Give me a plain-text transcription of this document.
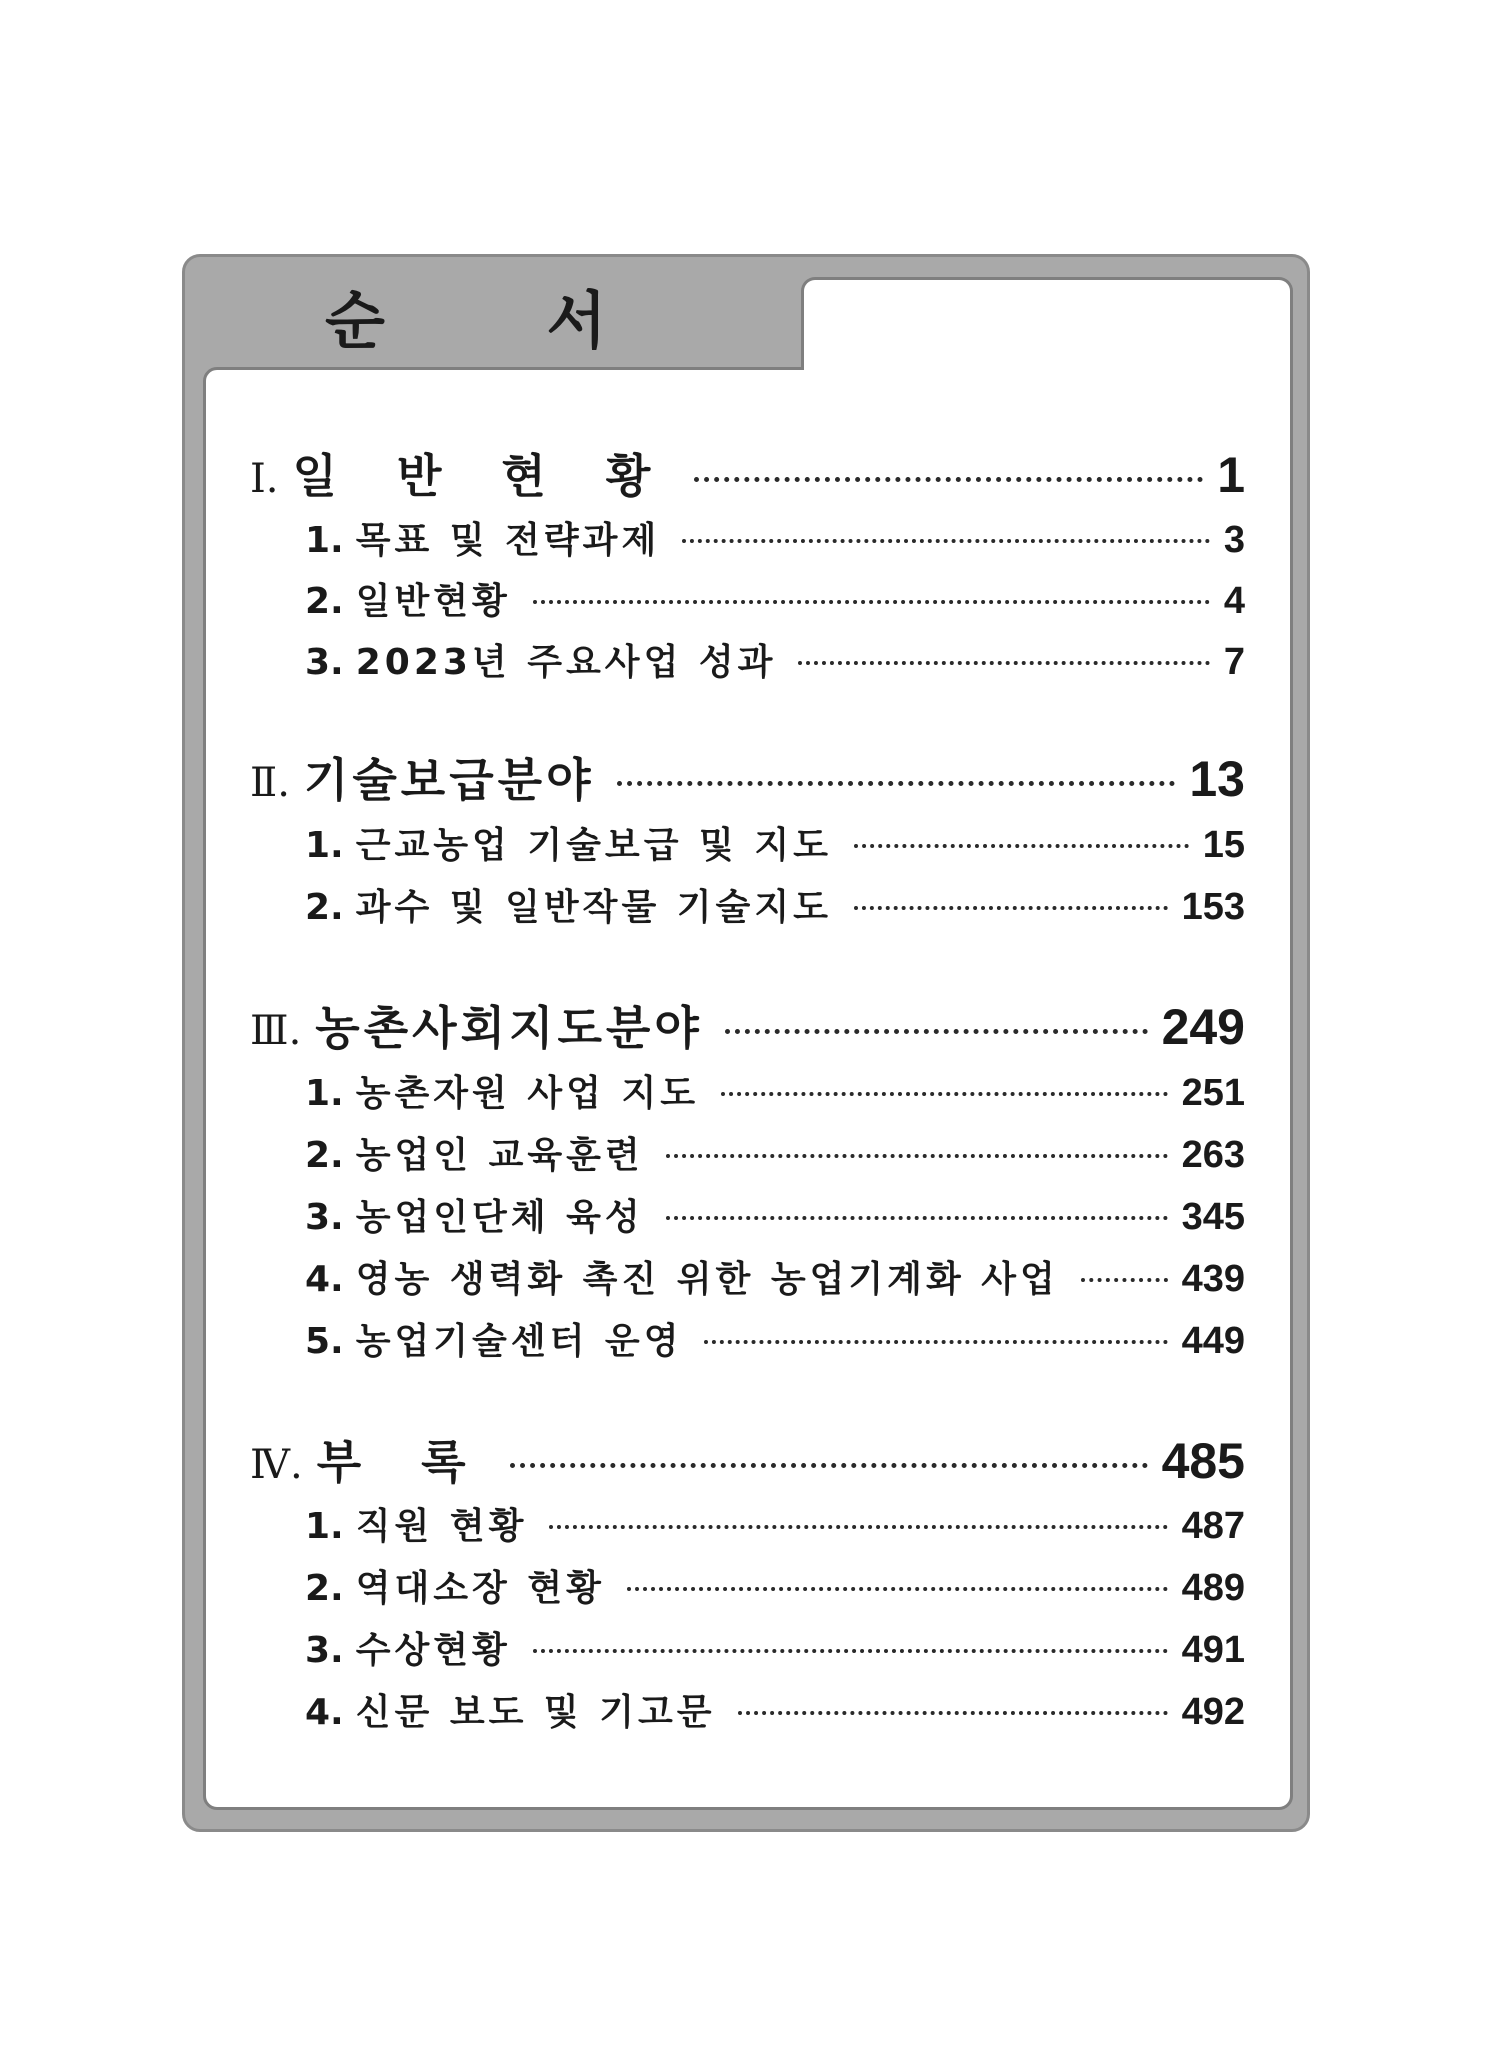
순 서
Ⅰ. 일 반 현 황	1
1. 목표 및 전략과제	3
2. 일반현황	4
3. 2023년 주요사업 성과	7
Ⅱ. 기술보급분야	13
1. 근교농업 기술보급 및 지도	15
2. 과수 및 일반작물 기술지도	153
Ⅲ. 농촌사회지도분야	249
1. 농촌자원 사업 지도	251
2. 농업인 교육훈련	263
3. 농업인단체 육성	345
4. 영농 생력화 촉진 위한 농업기계화 사업	439
5. 농업기술센터 운영	449
Ⅳ. 부 록	485
1. 직원 현황	487
2. 역대소장 현황	489
3. 수상현황	491
4. 신문 보도 및 기고문	492
